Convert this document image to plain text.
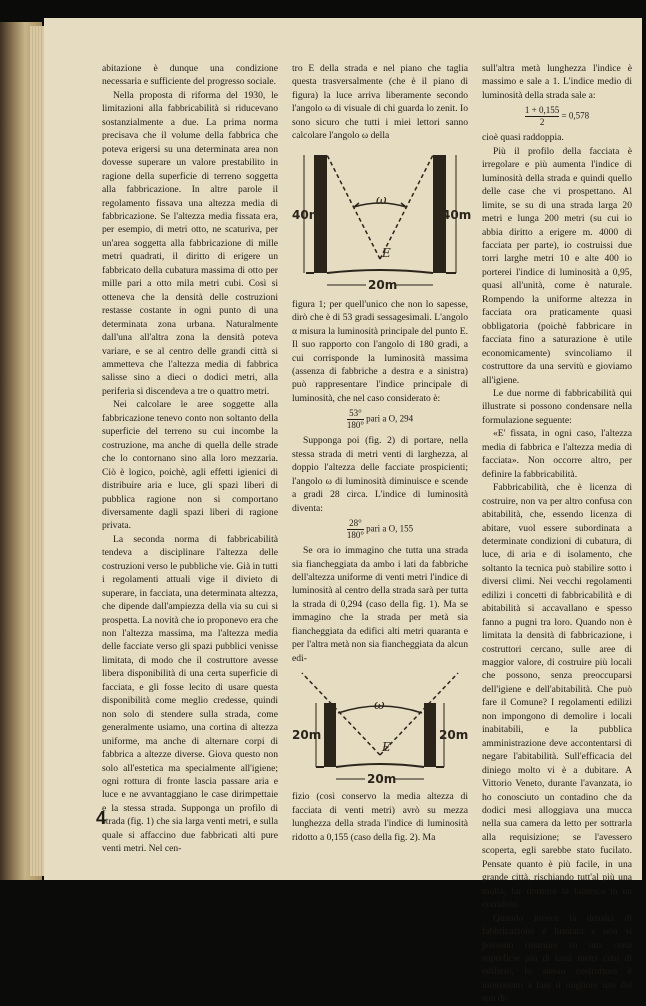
abitazione è dunque una condizione necessaria e sufficiente del progresso sociale.

Nella proposta di riforma del 1930, le limitazioni alla fabbricabilità si riducevano sostanzialmente a due. La prima norma precisava che il volume della fabbrica che poteva erigersi su una determinata area non dovesse superare un valore prestabilito in ragione della superficie di terreno soggetta alla fabbricazione. In altre parole il regolamento fissava una altezza media di fabbricazione. Se l'altezza media fissata era, per esempio, di metri otto, ne scaturiva, per un'area soggetta alla fabbricazione di mille metri quadrati, il diritto di erigere un fabbricato della cubatura massima di otto per mille pari a otto mila metri cubi. Così si otteneva che la densità delle costruzioni restasse costante in ogni punto di una determinata zona urbana. Naturalmente dall'una all'altra zona la densità poteva variare, e se al centro delle grandi città si ammetteva che l'altezza media di fabbrica salisse sino a dieci o dodici metri, alla periferia si discendeva a tre o quattro metri.

Nei calcolare le aree soggette alla fabbricazione tenevo conto non soltanto della superficie del terreno su cui incombe la costruzione, ma anche di quella delle strade che lo contornano sino alla loro mezzaria. Ciò è logico, poichè, agli effetti igienici di distribuire aria e luce, gli spazi liberi di pubblica ragione non si comportano diversamente dagli spazi liberi di ragione privata.

La seconda norma di fabbricabilità tendeva a disciplinare l'altezza delle costruzioni verso le pubbliche vie. Già in tutti i regolamenti attuali vige il divieto di superare, in facciata, una determinata altezza, che dipende dall'ampiezza della via su cui si prospetta. La novità che io proponevo era che non l'altezza massima, ma l'altezza media delle facciate verso gli spazi pubblici venisse limitata, di modo che il costruttore avesse libera disponibilità di una certa superficie di facciata, e gli fosse lecito di usare questa disponibilità come meglio credesse, quindi non solo di stendere sulla strada, come generalmente usiamo, una cortina di altezza uniforme, ma anche di alternare corpi di fabbrica a altezze diverse. Giova questo non solo all'estetica ma specialmente all'igiene; ogni rottura di fronte lascia passare aria e luce e ne avvantaggiano le case dirimpettaie e la stessa strada. Supponga un profilo di strada (fig. 1) che sia larga venti metri, e sulla quale si affaccino due fabbricati alti pure venti metri. Nel cen-

tro E della strada e nel piano che taglia questa trasversalmente (che è il piano di figura) la luce arriva liberamente secondo l'angolo ω di visuale di chi guarda lo zenit. Io sono sicuro che tutti i miei lettori sanno calcolare l'angolo ω della

ω
E
40m	40m
20m

figura 1; per quell'unico che non lo sapesse, dirò che è di 53 gradi sessagesimali. L'angolo α misura la luminosità principale del punto E. Il suo rapporto con l'angolo di 180 gradi, a cui corrisponde la luminosità massima (assenza di fabbriche a destra e a sinistra) può rappresentare l'indice principale di luminosità, che nel caso considerato è:

$\frac{53^\circ}{180^\circ}$ pari a O, 294

Supponga poi (fig. 2) di portare, nella stessa strada di metri venti di larghezza, al doppio l'altezza delle facciate prospicienti; l'angolo ω di luminosità diminuisce e scende a gradi 28 circa. L'indice di luminosità diventa:

$\frac{28^\circ}{180^\circ}$ pari a O, 155

Se ora io immagino che tutta una strada sia fiancheggiata da ambo i lati da fabbriche dell'altezza uniforme di venti metri l'indice di luminosità al centro della strada sarà per tutta la strada di 0,294 (caso della fig. 1). Ma se immagino che la strada per metà sia fiancheggiata da edifici alti metri quaranta e per l'altra metà non sia fiancheggiata da alcun edi-

ω
E
20m	20m
20m

fizio (così conservo la media altezza di facciata di venti metri) avrò su mezza lunghezza della strada l'indice di luminosità ridotto a 0,155 (caso della fig. 2). Ma

sull'altra metà lunghezza l'indice è massimo e sale a 1. L'indice medio di luminosità della strada sale a:

$\frac{1 + 0,155}{2} = 0,578$

cioè quasi raddoppia.

Più il profilo della facciata è irregolare e più aumenta l'indice di luminosità della strada e quindi quello delle case che vi prospettano. Al limite, se su di una strada larga 20 metri e lunga 200 metri (su cui io abbia diritto a erigere m. 4000 di facciata per parte), io costruissi due torri larghe metri 10 e alte 400 io porterei l'indice di luminosità a 0,95, quasi all'unità, come è naturale. Rompendo la uniforme altezza in facciata ora praticamente quasi obbligatoria (poichè fabbricare in facciata fino a saturazione è utile economicamente) svincoliamo il costruttore da una servitù e gioviamo all'igiene.

Le due norme di fabbricabilità qui illustrate si possono condensare nella formulazione seguente:

«E' fissata, in ogni caso, l'altezza media di fabbrica e l'altezza media di facciata». Non occorre altro, per definire la fabbricabilità.

Fabbricabilità, che è licenza di costruire, non va per altro confusa con abitabilità, che, essendo licenza di abitare, vuol essere subordinata a determinate condizioni di cubatura, di luce, di aria e di isolamento, che soltanto la tecnica può stabilire sotto i diversi climi. Nei vecchi regolamenti edilizi i concetti di fabbricabilità e di abitabilità si accavallano e spesso fanno a pugni tra loro. Quando non è limitata la densità di fabbricazione, i costruttori cercano, sulle aree di maggior valore, di costruire più locali che possono, senza preoccuparsi dell'igiene e dell'abitabilità. Che può fare il Comune? I regolamenti edilizi non impongono di demolire i locali inabitabili, e la pubblica amministrazione deve accontentarsi di negare l'abitabilità. Sull'efficacia del diniego molto vi è a dubitare. A Vittorio Veneto, durante l'avanzata, io ho conosciuto un contadino che da dodici mesi alloggiava una mucca nella sua camera da letto per sottrarla alla requisizione; se l'avessero scoperta, egli sarebbe stato fucilato. Pensate quanto è più facile, in una grande città, rischiando tutt'al più una multa, far dormire la fantesca in un corridoio.

Quando invece la densità di fabbricazione è limitata e non si possono costruire su una certa superficie più di tanti metri cubi di edificio, lo stesso costruttore è interessato a fare il migliore uso del suo di-

4
